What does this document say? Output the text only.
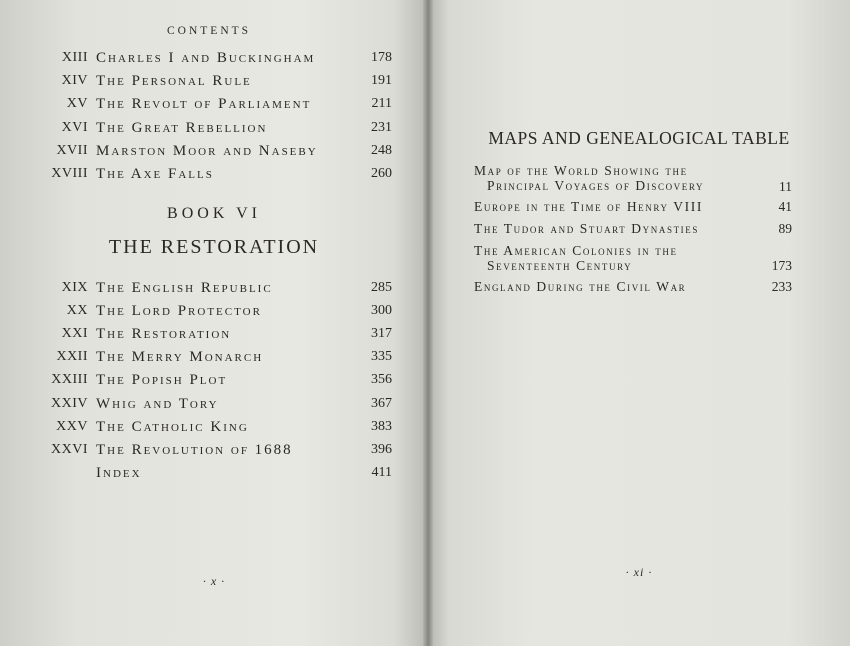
CONTENTS
XIII Charles I and Buckingham	178
XIV The Personal Rule	191
XV The Revolt of Parliament	211
XVI The Great Rebellion	231
XVII Marston Moor and Naseby	248
XVIII The Axe Falls	260
BOOK VI
THE RESTORATION
XIX The English Republic	285
XX The Lord Protector	300
XXI The Restoration	317
XXII The Merry Monarch	335
XXIII The Popish Plot	356
XXIV Whig and Tory	367
XXV The Catholic King	383
XXVI The Revolution of 1688	396
Index	411
· x ·
MAPS AND GENEALOGICAL TABLE
Map of the World Showing the
Principal Voyages of Discovery	11
Europe in the Time of Henry VIII	41
The Tudor and Stuart Dynasties	89
The American Colonies in the
Seventeenth Century	173
England During the Civil War	233
· xi ·
